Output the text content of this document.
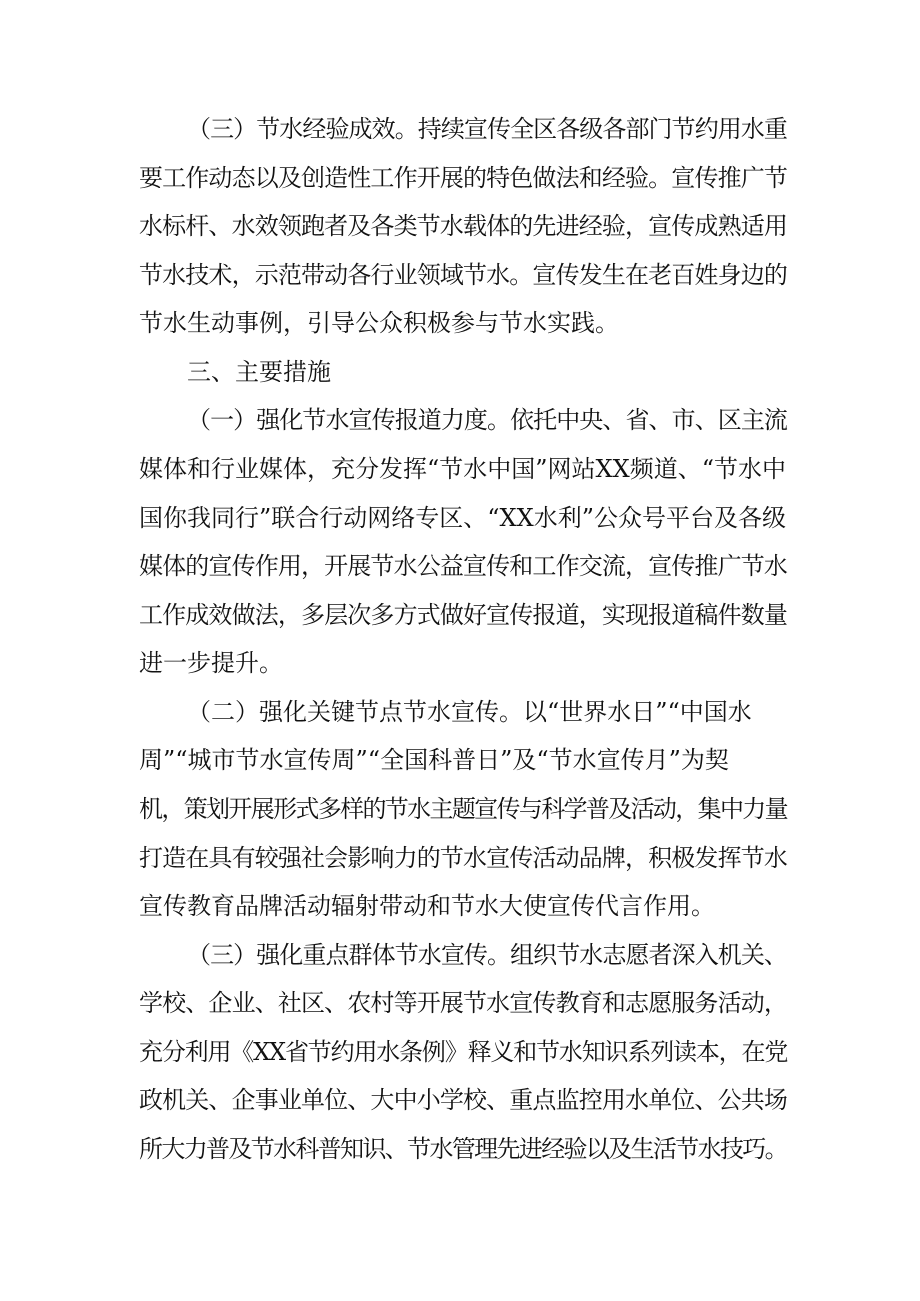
（三）节水经验成效。持续宣传全区各级各部门节约用水重

要工作动态以及创造性工作开展的特色做法和经验。宣传推广节

水标杆、水效领跑者及各类节水载体的先进经验，宣传成熟适用

节水技术，示范带动各行业领域节水。宣传发生在老百姓身边的

节水生动事例，引导公众积极参与节水实践。

三、主要措施

（一）强化节水宣传报道力度。依托中央、省、市、区主流

媒体和行业媒体，充分发挥“节水中国”网站XX频道、“节水中

国你我同行”联合行动网络专区、“XX水利”公众号平台及各级

媒体的宣传作用，开展节水公益宣传和工作交流，宣传推广节水

工作成效做法，多层次多方式做好宣传报道，实现报道稿件数量

进一步提升。

（二）强化关键节点节水宣传。以“世界水日”“中国水

周”“城市节水宣传周”“全国科普日”及“节水宣传月”为契

机，策划开展形式多样的节水主题宣传与科学普及活动，集中力量

打造在具有较强社会影响力的节水宣传活动品牌，积极发挥节水

宣传教育品牌活动辐射带动和节水大使宣传代言作用。

（三）强化重点群体节水宣传。组织节水志愿者深入机关、

学校、企业、社区、农村等开展节水宣传教育和志愿服务活动，

充分利用《XX省节约用水条例》释义和节水知识系列读本，在党

政机关、企事业单位、大中小学校、重点监控用水单位、公共场

所大力普及节水科普知识、节水管理先进经验以及生活节水技巧。
